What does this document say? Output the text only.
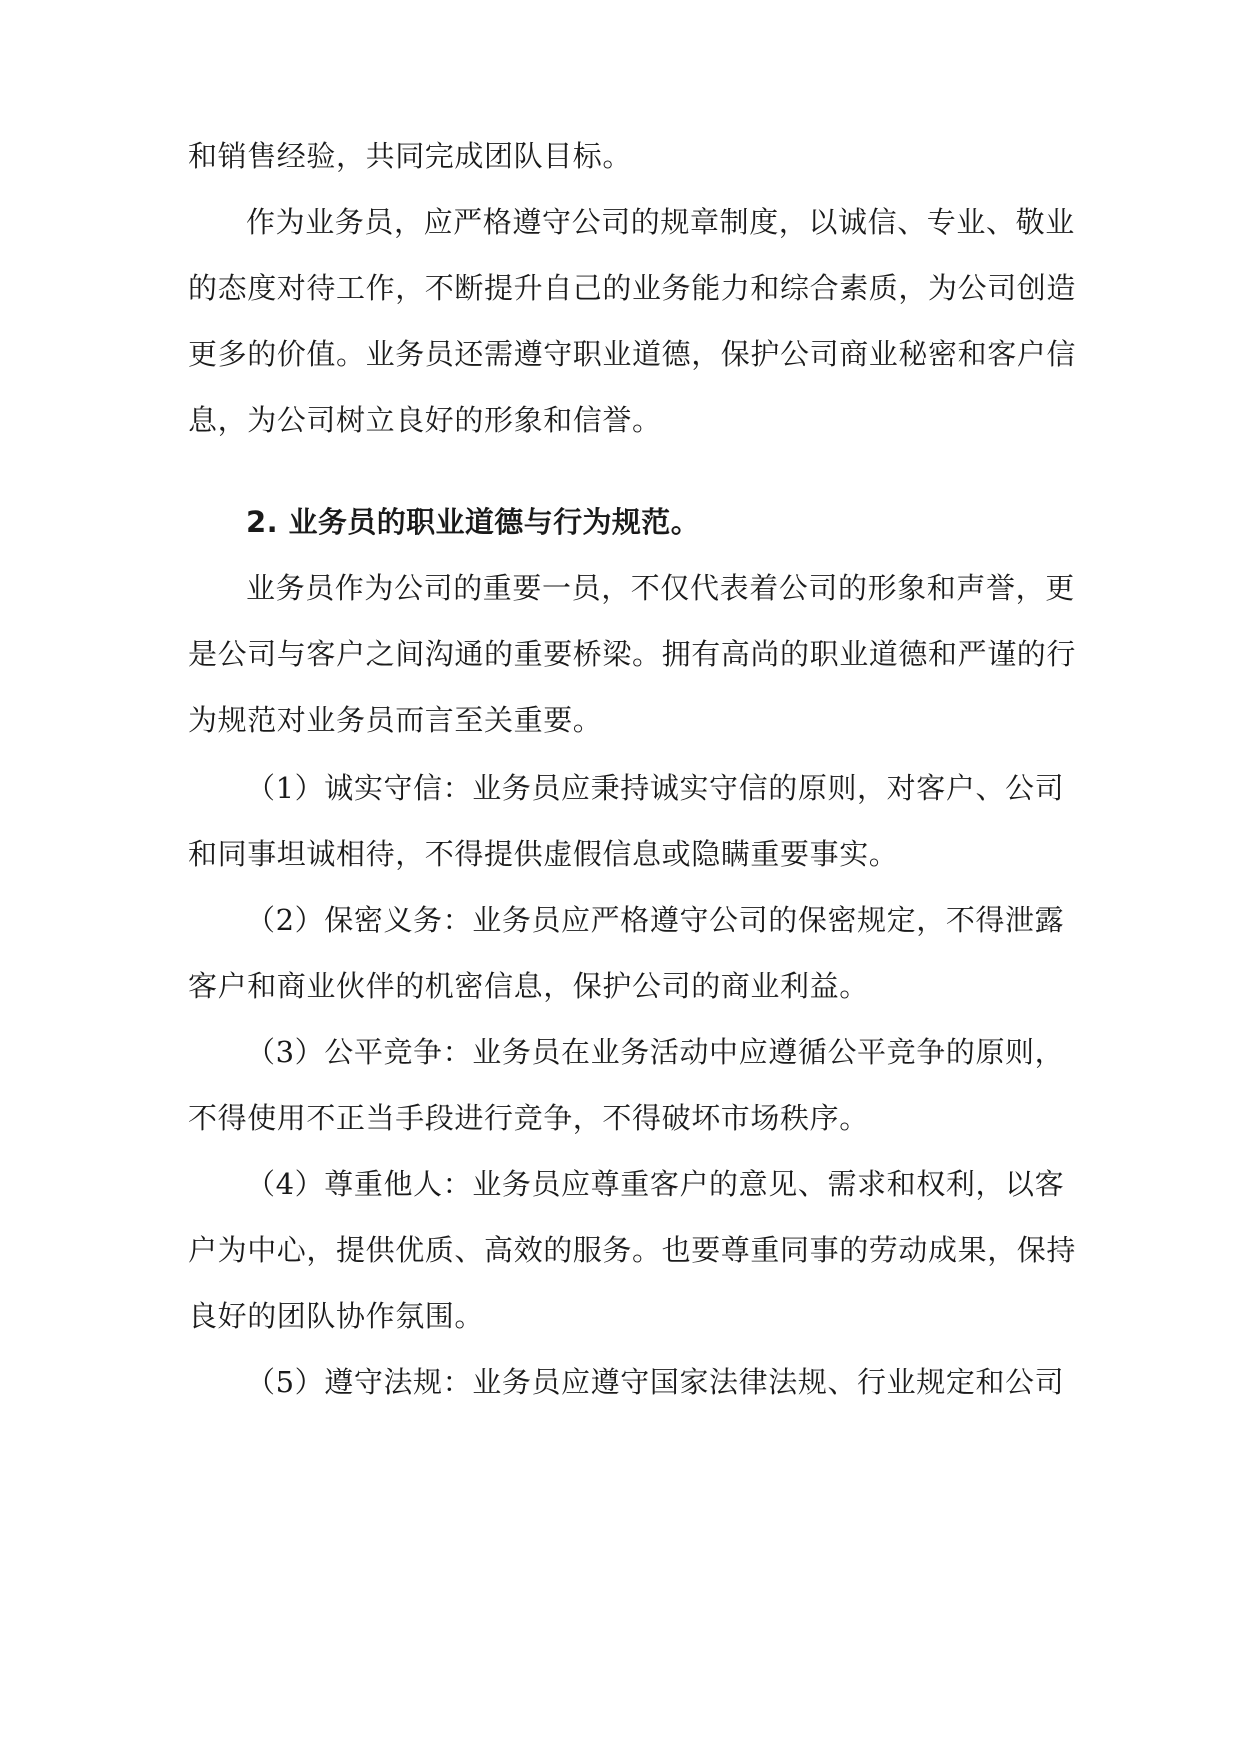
和销售经验，共同完成团队目标。
作为业务员，应严格遵守公司的规章制度，以诚信、专业、敬业
的态度对待工作，不断提升自己的业务能力和综合素质，为公司创造
更多的价值。业务员还需遵守职业道德，保护公司商业秘密和客户信
息，为公司树立良好的形象和信誉。
2. 业务员的职业道德与行为规范。
业务员作为公司的重要一员，不仅代表着公司的形象和声誉，更
是公司与客户之间沟通的重要桥梁。拥有高尚的职业道德和严谨的行
为规范对业务员而言至关重要。
（1）诚实守信：业务员应秉持诚实守信的原则，对客户、公司
和同事坦诚相待，不得提供虚假信息或隐瞒重要事实。
（2）保密义务：业务员应严格遵守公司的保密规定，不得泄露
客户和商业伙伴的机密信息，保护公司的商业利益。
（3）公平竞争：业务员在业务活动中应遵循公平竞争的原则，
不得使用不正当手段进行竞争，不得破坏市场秩序。
（4）尊重他人：业务员应尊重客户的意见、需求和权利，以客
户为中心，提供优质、高效的服务。也要尊重同事的劳动成果，保持
良好的团队协作氛围。
（5）遵守法规：业务员应遵守国家法律法规、行业规定和公司
